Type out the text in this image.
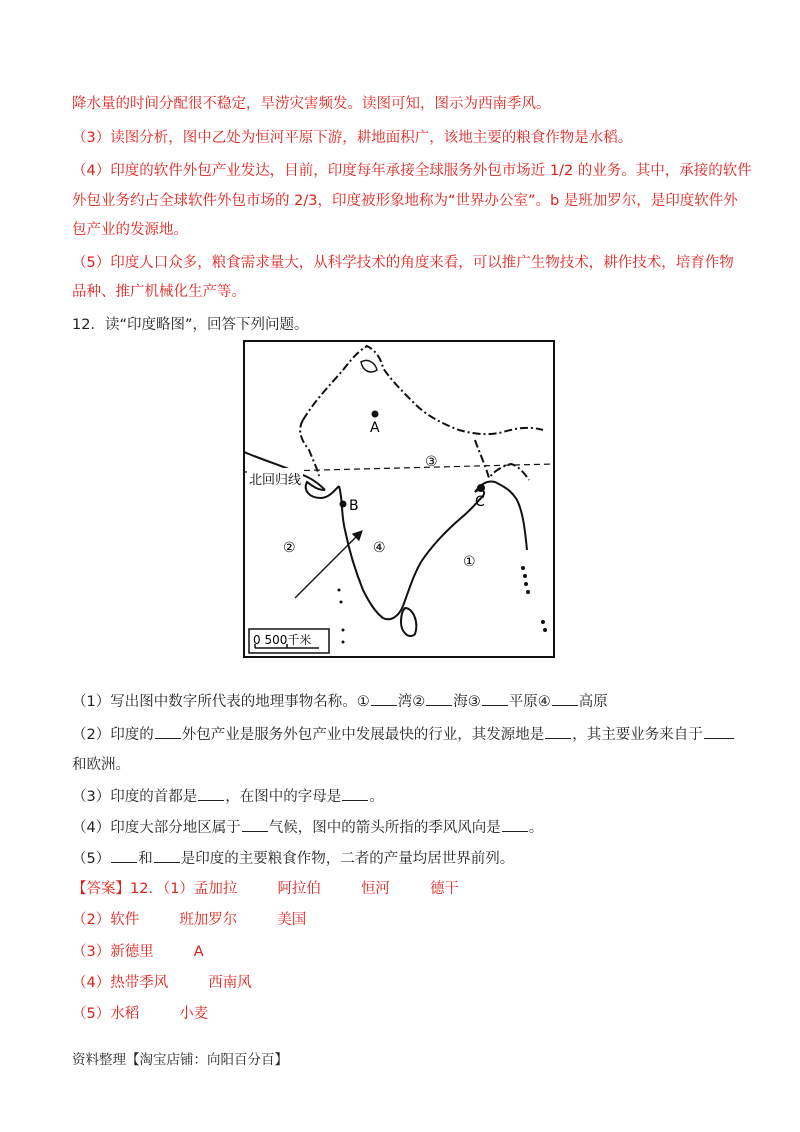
降水量的时间分配很不稳定，旱涝灾害频发。读图可知，图示为西南季风。
（3）读图分析，图中乙处为恒河平原下游，耕地面积广，该地主要的粮食作物是水稻。
（4）印度的软件外包产业发达，目前，印度每年承接全球服务外包市场近 1/2 的业务。其中，承接的软件
外包业务约占全球软件外包市场的 2/3，印度被形象地称为“世界办公室”。b 是班加罗尔，是印度软件外
包产业的发源地。
（5）印度人口众多，粮食需求量大，从科学技术的角度来看，可以推广生物技术，耕作技术，培育作物
品种、推广机械化生产等。
12．读“印度略图”，回答下列问题。
北回归线
A
B	C
③
②	④
①
0 500千米
（1）写出图中数字所代表的地理事物名称。① 湾② 海③ 平原④ 高原
（2）印度的 外包产业是服务外包产业中发展最快的行业，其发源地是 ，其主要业务来自于
和欧洲。
（3）印度的首都是 ，在图中的字母是 。
（4）印度大部分地区属于 气候，图中的箭头所指的季风风向是 。
（5） 和 是印度的主要粮食作物，二者的产量均居世界前列。
【答案】12．（1）孟加拉	阿拉伯	恒河	德干
（2）软件	班加罗尔	美国
（3）新德里	A
（4）热带季风	西南风
（5）水稻	小麦
资料整理【淘宝店铺：向阳百分百】
